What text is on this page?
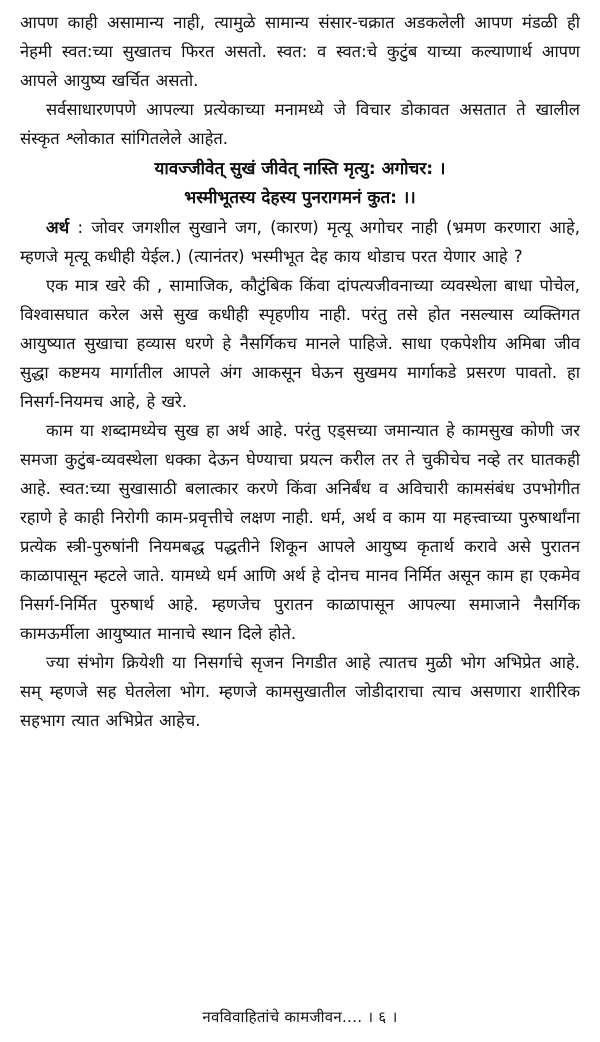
आपण काही असामान्य नाही, त्यामुळे सामान्य संसार-चक्रात अडकलेली आपण मंडळी ही नेहमी स्वत:च्या सुखातच फिरत असतो. स्वत: व स्वत:चे कुटुंब याच्या कल्याणार्थ आपण आपले आयुष्य खर्चित असतो.

सर्वसाधारणपणे आपल्या प्रत्येकाच्या मनामध्ये जे विचार डोकावत असतात ते खालील संस्कृत श्लोकात सांगितलेले आहेत.

यावज्जीवेत् सुखं जीवेत् नास्ति मृत्यु: अगोचर: ।

भस्मीभूतस्य देहस्य पुनरागमनं कुत: ।।

अर्थ : जोवर जगशील सुखाने जग, (कारण) मृत्यू अगोचर नाही (भ्रमण करणारा आहे, म्हणजे मृत्यू कधीही येईल.) (त्यानंतर) भस्मीभूत देह काय थोडाच परत येणार आहे ?

एक मात्र खरे की , सामाजिक, कौटुंबिक किंवा दांपत्यजीवनाच्या व्यवस्थेला बाधा पोचेल, विश्वासघात करेल असे सुख कधीही स्पृहणीय नाही. परंतु तसे होत नसल्यास व्यक्तिगत आयुष्यात सुखाचा हव्यास धरणे हे नैसर्गिकच मानले पाहिजे. साधा एकपेशीय अमिबा जीव सुद्धा कष्टमय मार्गातील आपले अंग आकसून घेऊन सुखमय मार्गाकडे प्रसरण पावतो. हा निसर्ग-नियमच आहे, हे खरे.

काम या शब्दामध्येच सुख हा अर्थ आहे. परंतु एड्सच्या जमान्यात हे कामसुख कोणी जर समजा कुटुंब-व्यवस्थेला धक्का देऊन घेण्याचा प्रयत्न करील तर ते चुकीचेच नव्हे तर घातकही आहे. स्वत:च्या सुखासाठी बलात्कार करणे किंवा अनिर्बंध व अविचारी कामसंबंध उपभोगीत रहाणे हे काही निरोगी काम-प्रवृत्तीचे लक्षण नाही. धर्म, अर्थ व काम या महत्त्वाच्या पुरुषार्थांना प्रत्येक स्त्री-पुरुषांनी नियमबद्ध पद्धतीने शिकून आपले आयुष्य कृतार्थ करावे असे पुरातन काळापासून म्हटले जाते. यामध्ये धर्म आणि अर्थ हे दोनच मानव निर्मित असून काम हा एकमेव निसर्ग-निर्मित पुरुषार्थ आहे. म्हणजेच पुरातन काळापासून आपल्या समाजाने नैसर्गिक कामऊर्मीला आयुष्यात मानाचे स्थान दिले होते.

ज्या संभोग क्रियेशी या निसर्गाचे सृजन निगडीत आहे त्यातच मुळी भोग अभिप्रेत आहे. सम् म्हणजे सह घेतलेला भोग. म्हणजे कामसुखातील जोडीदाराचा त्याच असणारा शारीरिक सहभाग त्यात अभिप्रेत आहेच.

नवविवाहितांचे कामजीवन.... । ६ ।
